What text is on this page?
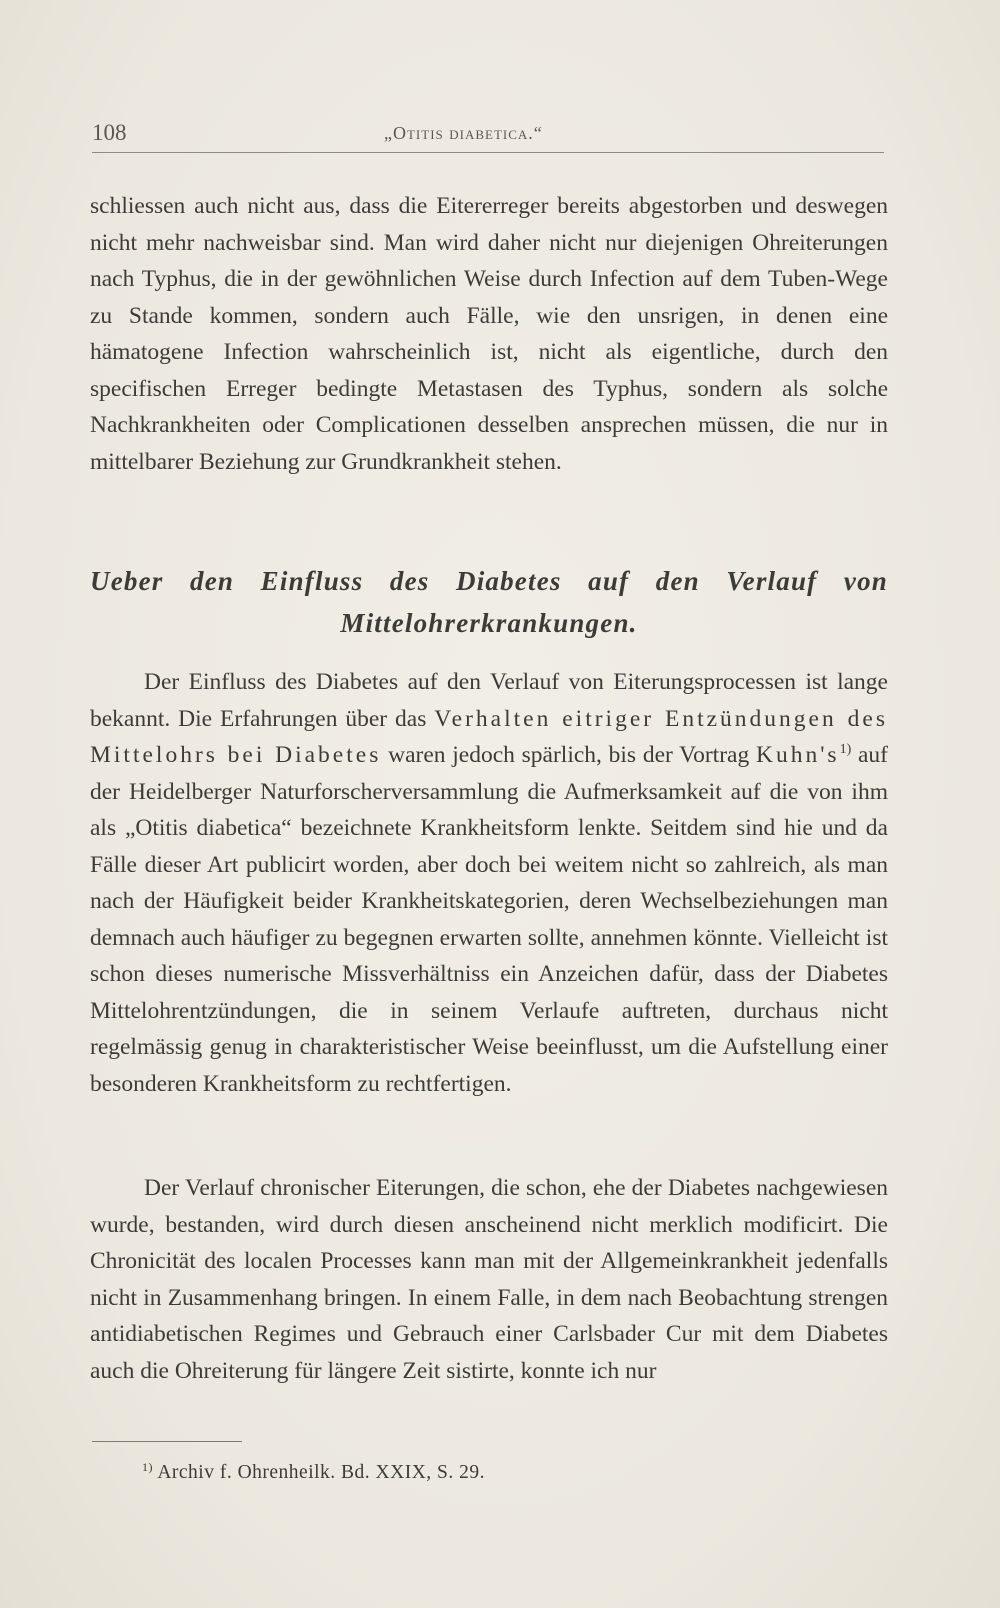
108	„Otitis diabetica.“

schliessen auch nicht aus, dass die Eitererreger bereits abgestorben und deswegen nicht mehr nachweisbar sind. Man wird daher nicht nur diejenigen Ohreiterungen nach Typhus, die in der gewöhnlichen Weise durch Infection auf dem Tuben-Wege zu Stande kommen, sondern auch Fälle, wie den unsrigen, in denen eine hämatogene Infection wahrscheinlich ist, nicht als eigentliche, durch den specifischen Erreger bedingte Metastasen des Typhus, sondern als solche Nachkrankheiten oder Complicationen desselben ansprechen müssen, die nur in mittelbarer Beziehung zur Grundkrankheit stehen.

Ueber den Einfluss des Diabetes auf den Verlauf von
Mittelohrerkrankungen.

Der Einfluss des Diabetes auf den Verlauf von Eiterungsprocessen ist lange bekannt. Die Erfahrungen über das Verhalten eitriger Entzündungen des Mittelohrs bei Diabetes waren jedoch spärlich, bis der Vortrag Kuhn's$^{1)}$ auf der Heidelberger Naturforscherversammlung die Aufmerksamkeit auf die von ihm als „Otitis diabetica“ bezeichnete Krankheitsform lenkte. Seitdem sind hie und da Fälle dieser Art publicirt worden, aber doch bei weitem nicht so zahlreich, als man nach der Häufigkeit beider Krankheitskategorien, deren Wechselbeziehungen man demnach auch häufiger zu begegnen erwarten sollte, annehmen könnte. Vielleicht ist schon dieses numerische Missverhältniss ein Anzeichen dafür, dass der Diabetes Mittelohrentzündungen, die in seinem Verlaufe auftreten, durchaus nicht regelmässig genug in charakteristischer Weise beeinflusst, um die Aufstellung einer besonderen Krankheitsform zu rechtfertigen.

Der Verlauf chronischer Eiterungen, die schon, ehe der Diabetes nachgewiesen wurde, bestanden, wird durch diesen anscheinend nicht merklich modificirt. Die Chronicität des localen Processes kann man mit der Allgemeinkrankheit jedenfalls nicht in Zusammenhang bringen. In einem Falle, in dem nach Beobachtung strengen antidiabetischen Regimes und Gebrauch einer Carlsbader Cur mit dem Diabetes auch die Ohreiterung für längere Zeit sistirte, konnte ich nur

$^{1)}$ Archiv f. Ohrenheilk. Bd. XXIX, S. 29.
